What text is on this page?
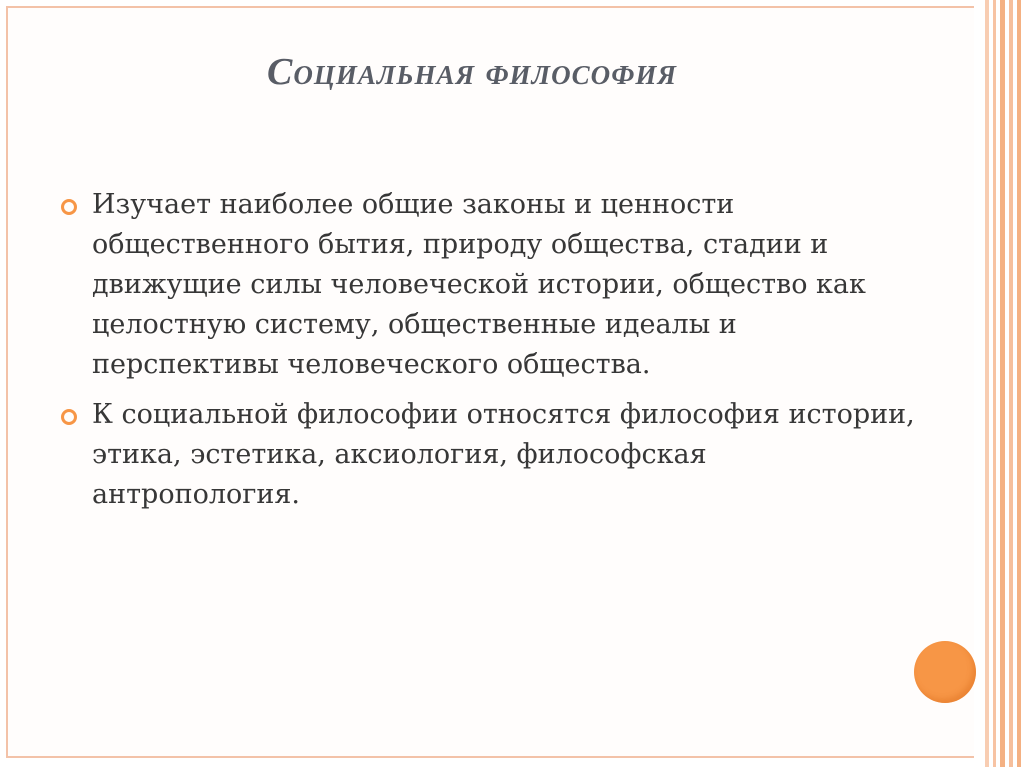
Социальная философия
Изучает наиболее общие законы и ценности общественного бытия, природу общества, стадии и движущие силы человеческой истории, общество как целостную систему, общественные идеалы и перспективы человеческого общества.
К социальной философии относятся философия истории, этика, эстетика, аксиология, философская антропология.
